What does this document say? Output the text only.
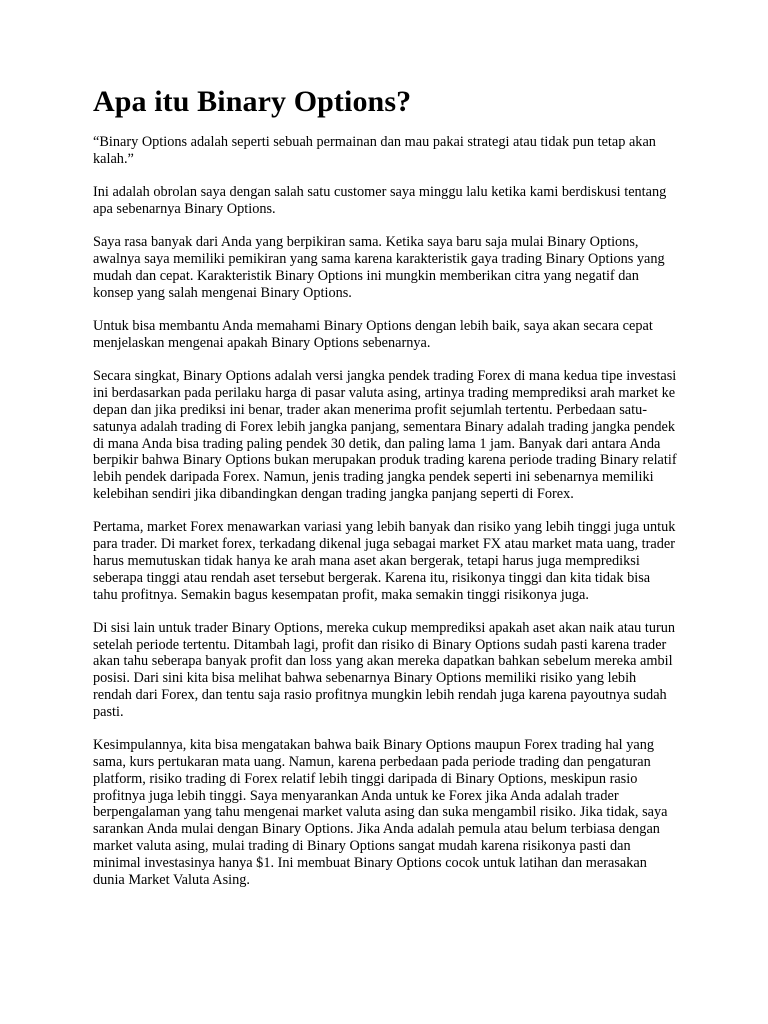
Apa itu Binary Options?

“Binary Options adalah seperti sebuah permainan dan mau pakai strategi atau tidak pun tetap akan kalah.”

Ini adalah obrolan saya dengan salah satu customer saya minggu lalu ketika kami berdiskusi tentang apa sebenarnya Binary Options.

Saya rasa banyak dari Anda yang berpikiran sama. Ketika saya baru saja mulai Binary Options, awalnya saya memiliki pemikiran yang sama karena karakteristik gaya trading Binary Options yang mudah dan cepat. Karakteristik Binary Options ini mungkin memberikan citra yang negatif dan konsep yang salah mengenai Binary Options.

Untuk bisa membantu Anda memahami Binary Options dengan lebih baik, saya akan secara cepat menjelaskan mengenai apakah Binary Options sebenarnya.

Secara singkat, Binary Options adalah versi jangka pendek trading Forex di mana kedua tipe investasi ini berdasarkan pada perilaku harga di pasar valuta asing, artinya trading memprediksi arah market ke depan dan jika prediksi ini benar, trader akan menerima profit sejumlah tertentu. Perbedaan satu-satunya adalah trading di Forex lebih jangka panjang, sementara Binary adalah trading jangka pendek di mana Anda bisa trading paling pendek 30 detik, dan paling lama 1 jam. Banyak dari antara Anda berpikir bahwa Binary Options bukan merupakan produk trading karena periode trading Binary relatif lebih pendek daripada Forex. Namun, jenis trading jangka pendek seperti ini sebenarnya memiliki kelebihan sendiri jika dibandingkan dengan trading jangka panjang seperti di Forex.

Pertama, market Forex menawarkan variasi yang lebih banyak dan risiko yang lebih tinggi juga untuk para trader. Di market forex, terkadang dikenal juga sebagai market FX atau market mata uang, trader harus memutuskan tidak hanya ke arah mana aset akan bergerak, tetapi harus juga memprediksi seberapa tinggi atau rendah aset tersebut bergerak. Karena itu, risikonya tinggi dan kita tidak bisa tahu profitnya. Semakin bagus kesempatan profit, maka semakin tinggi risikonya juga.

Di sisi lain untuk trader Binary Options, mereka cukup memprediksi apakah aset akan naik atau turun setelah periode tertentu. Ditambah lagi, profit dan risiko di Binary Options sudah pasti karena trader akan tahu seberapa banyak profit dan loss yang akan mereka dapatkan bahkan sebelum mereka ambil posisi. Dari sini kita bisa melihat bahwa sebenarnya Binary Options memiliki risiko yang lebih rendah dari Forex, dan tentu saja rasio profitnya mungkin lebih rendah juga karena payoutnya sudah pasti.

Kesimpulannya, kita bisa mengatakan bahwa baik Binary Options maupun Forex trading hal yang sama, kurs pertukaran mata uang. Namun, karena perbedaan pada periode trading dan pengaturan platform, risiko trading di Forex relatif lebih tinggi daripada di Binary Options, meskipun rasio profitnya juga lebih tinggi. Saya menyarankan Anda untuk ke Forex jika Anda adalah trader berpengalaman yang tahu mengenai market valuta asing dan suka mengambil risiko. Jika tidak, saya sarankan Anda mulai dengan Binary Options. Jika Anda adalah pemula atau belum terbiasa dengan market valuta asing, mulai trading di Binary Options sangat mudah karena risikonya pasti dan minimal investasinya hanya $1. Ini membuat Binary Options cocok untuk latihan dan merasakan dunia Market Valuta Asing.
